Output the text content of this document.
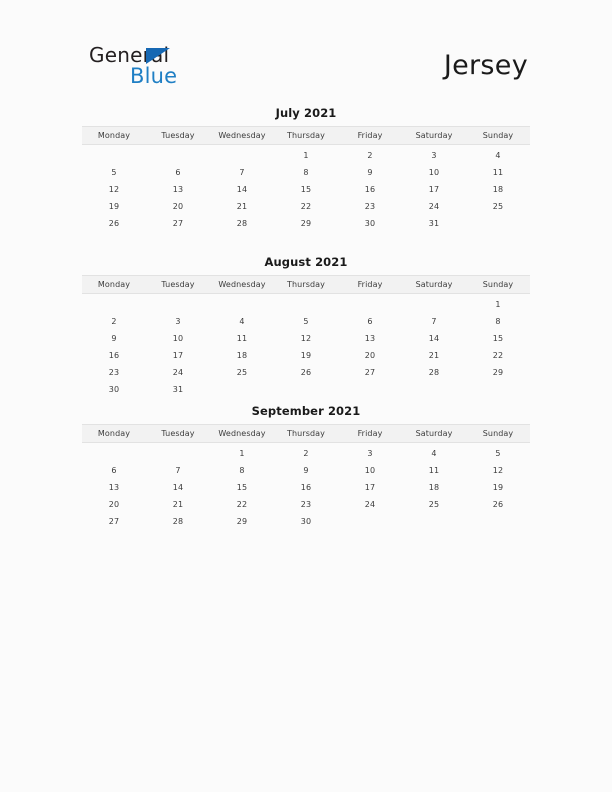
General
Blue	Jersey
July 2021
Monday	Tuesday	Wednesday	Thursday	Friday	Saturday	Sunday
			1	2	3	4
5	6	7	8	9	10	11
12	13	14	15	16	17	18
19	20	21	22	23	24	25
26	27	28	29	30	31	
August 2021
Monday	Tuesday	Wednesday	Thursday	Friday	Saturday	Sunday
						1
2	3	4	5	6	7	8
9	10	11	12	13	14	15
16	17	18	19	20	21	22
23	24	25	26	27	28	29
30	31					
September 2021
Monday	Tuesday	Wednesday	Thursday	Friday	Saturday	Sunday
		1	2	3	4	5
6	7	8	9	10	11	12
13	14	15	16	17	18	19
20	21	22	23	24	25	26
27	28	29	30			
